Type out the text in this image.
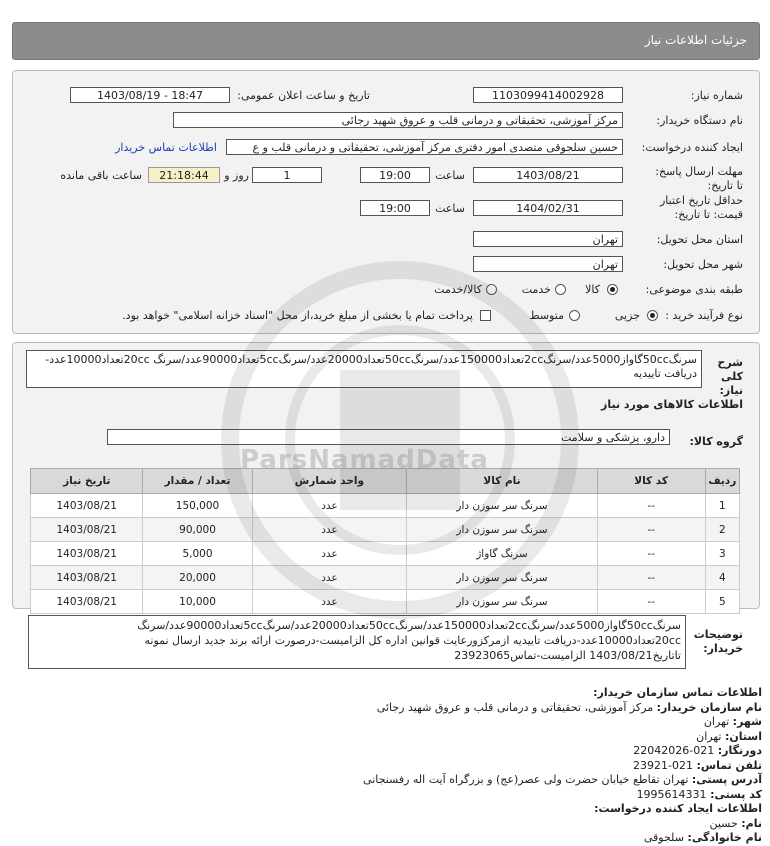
جزئیات اطلاعات نیاز
شماره نیاز:
1103099414002928
تاریخ و ساعت اعلان عمومی:
1403/08/19 - 18:47
نام دستگاه خریدار:
مرکز آموزشی، تحقیقاتی و درمانی قلب و عروق شهید رجائی
ایجاد کننده درخواست:
حسین سلجوقی متصدی امور دفتری مرکز آموزشی، تحقیقاتی و درمانی قلب و ع
اطلاعات تماس خریدار
مهلت ارسال پاسخ: تا تاریخ:
1403/08/21
ساعت
19:00
1
روز و
21:18:44
ساعت باقی مانده
حداقل تاریخ اعتبار قیمت: تا تاریخ:
1404/02/31
ساعت
19:00
استان محل تحویل:
تهران
شهر محل تحویل:
تهران
طبقه بندی موضوعی:
کالا
خدمت
کالا/خدمت
نوع فرآیند خرید :
جزیی
متوسط
پرداخت تمام یا بخشی از مبلغ خرید،از محل "اسناد خزانه اسلامی" خواهد بود.
شرح کلی نیاز:
سرنگ50ccگاواز5000عدد/سرنگ2ccتعداد150000عدد/سرنگ50ccتعداد20000عدد/سرنگ5ccتعداد90000عدد/سرنگ 20ccتعداد10000عدد-دریافت تاییدیه
اطلاعات کالاهای مورد نیاز
گروه کالا:
دارو، پزشکی و سلامت
ردیف	کد کالا	نام کالا	واحد شمارش	تعداد / مقدار	تاریخ نیاز
1	--	سرنگ سر سوزن دار	عدد	150,000	1403/08/21
2	--	سرنگ سر سوزن دار	عدد	90,000	1403/08/21
3	--	سرنگ گاواژ	عدد	5,000	1403/08/21
4	--	سرنگ سر سوزن دار	عدد	20,000	1403/08/21
5	--	سرنگ سر سوزن دار	عدد	10,000	1403/08/21
توضیحات خریدار:
سرنگ50ccگاواز5000عدد/سرنگ2ccتعداد150000عدد/سرنگ50ccتعداد20000عدد/سرنگ5ccتعداد90000عدد/سرنگ
20ccتعداد10000عدد-دریافت تاییدیه ازمرکزورعایت قوانین اداره کل الزامیست-درصورت ارائه برند جدید ارسال نمونه
تاتاریخ1403/08/21 الزامیست-تماس23923065
اطلاعات تماس سازمان خریدار:
نام سازمان خریدار: مرکز آموزشی، تحقیقاتی و درمانی قلب و عروق شهید رجائی
شهر: تهران
استان: تهران
دورنگار: 021-22042026
تلفن تماس: 021-23921
آدرس پستی: تهران تقاطع خیابان حضرت ولی عصر(عج) و بزرگراه آیت اله رفسنجانی
کد پستی: 1995614331
اطلاعات ایجاد کننده درخواست:
نام: حسین
نام خانوادگی: سلجوقی
ParsNamadData
